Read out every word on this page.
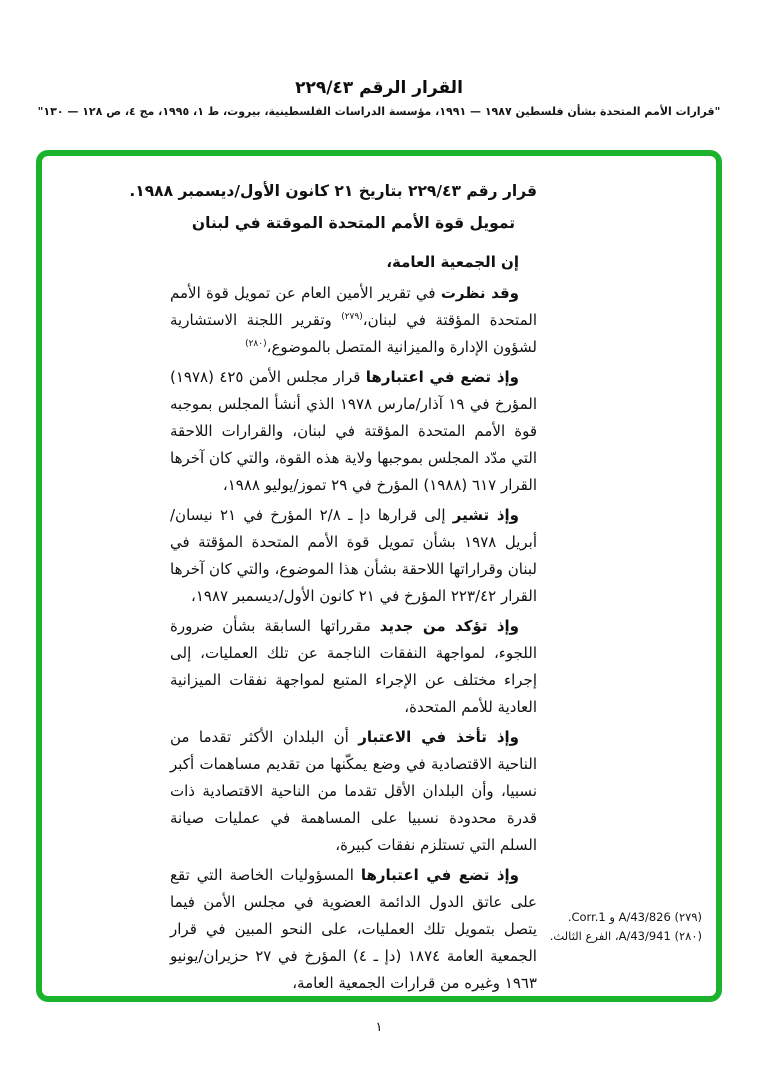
القرار الرقم ٢٢٩/٤٣
"قرارات الأمم المتحدة بشأن فلسطين ١٩٨٧ — ١٩٩١، مؤسسة الدراسات الفلسطينية، بيروت، ط ١، ١٩٩٥، مج ٤، ص ١٢٨ — ١٣٠"

قرار رقم ٢٢٩/٤٣ بتاريخ ٢١ كانون الأول/ديسمبر ١٩٨٨.

تمويل قوة الأمم المتحدة الموقتة في لبنان

إن الجمعية العامة،

وقد نظرت في تقرير الأمين العام عن تمويل قوة الأمم المتحدة المؤقتة في لبنان،$^{(٢٧٩)}$ وتقرير اللجنة الاستشارية لشؤون الإدارة والميزانية المتصل بالموضوع،$^{(٢٨٠)}$

وإذ تضع في اعتبارها قرار مجلس الأمن ٤٢٥ (١٩٧٨) المؤرخ في ١٩ آذار/مارس ١٩٧٨ الذي أنشأ المجلس بموجبه قوة الأمم المتحدة المؤقتة في لبنان، والقرارات اللاحقة التي مدّد المجلس بموجبها ولاية هذه القوة، والتي كان آخرها القرار ٦١٧ (١٩٨٨) المؤرخ في ٢٩ تموز/يوليو ١٩٨٨،

وإذ تشير إلى قرارها دإ ـ ٢/٨ المؤرخ في ٢١ نيسان/أبريل ١٩٧٨ بشأن تمويل قوة الأمم المتحدة المؤقتة في لبنان وقراراتها اللاحقة بشأن هذا الموضوع، والتي كان آخرها القرار ٢٢٣/٤٢ المؤرخ في ٢١ كانون الأول/ديسمبر ١٩٨٧،

وإذ تؤكد من جديد مقرراتها السابقة بشأن ضرورة اللجوء، لمواجهة النفقات الناجمة عن تلك العمليات، إلى إجراء مختلف عن الإجراء المتبع لمواجهة نفقات الميزانية العادية للأمم المتحدة،

وإذ تأخذ في الاعتبار أن البلدان الأكثر تقدما من الناحية الاقتصادية في وضع يمكّنها من تقديم مساهمات أكبر نسبيا، وأن البلدان الأقل تقدما من الناحية الاقتصادية ذات قدرة محدودة نسبيا على المساهمة في عمليات صيانة السلم التي تستلزم نفقات كبيرة،

وإذ تضع في اعتبارها المسؤوليات الخاصة التي تقع على عاتق الدول الدائمة العضوية في مجلس الأمن فيما يتصل بتمويل تلك العمليات، على النحو المبين في قرار الجمعية العامة ١٨٧٤ (دإ ـ ٤) المؤرخ في ٢٧ حزيران/يونيو ١٩٦٣ وغيره من قرارات الجمعية العامة،

(٢٧٩) A/43/826 و Corr.1.
(٢٨٠) A/43/941، الفرع الثالث.
١
